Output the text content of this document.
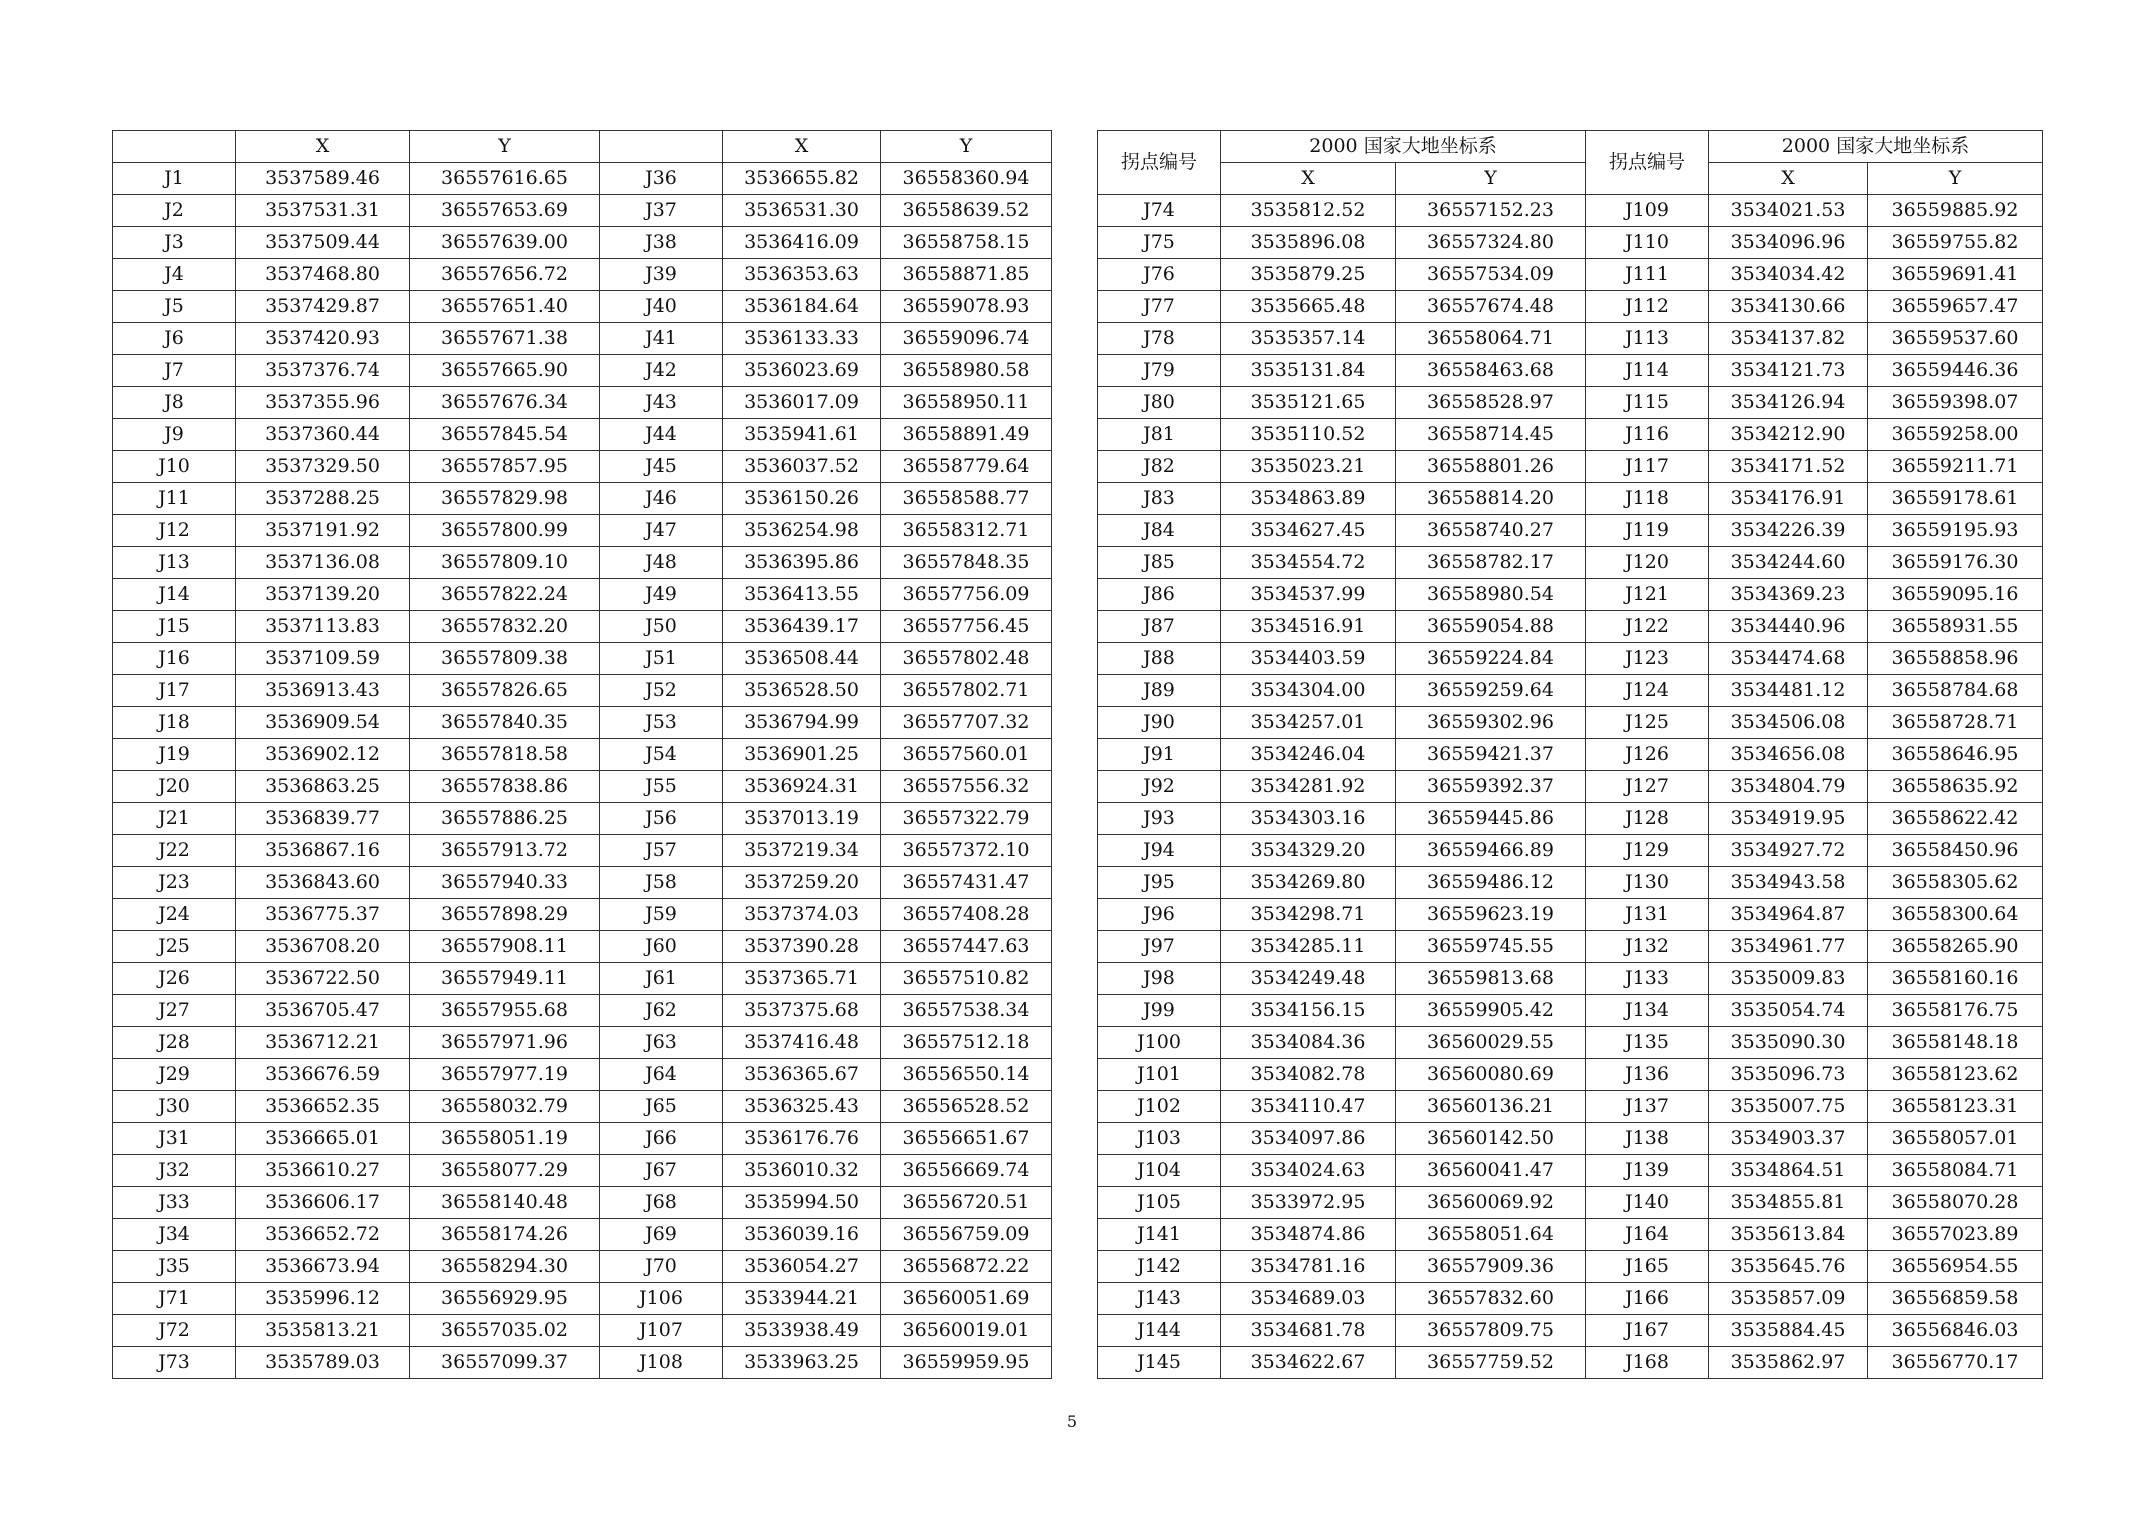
	X	Y		X	Y
J1	3537589.46	36557616.65	J36	3536655.82	36558360.94
J2	3537531.31	36557653.69	J37	3536531.30	36558639.52
J3	3537509.44	36557639.00	J38	3536416.09	36558758.15
J4	3537468.80	36557656.72	J39	3536353.63	36558871.85
J5	3537429.87	36557651.40	J40	3536184.64	36559078.93
J6	3537420.93	36557671.38	J41	3536133.33	36559096.74
J7	3537376.74	36557665.90	J42	3536023.69	36558980.58
J8	3537355.96	36557676.34	J43	3536017.09	36558950.11
J9	3537360.44	36557845.54	J44	3535941.61	36558891.49
J10	3537329.50	36557857.95	J45	3536037.52	36558779.64
J11	3537288.25	36557829.98	J46	3536150.26	36558588.77
J12	3537191.92	36557800.99	J47	3536254.98	36558312.71
J13	3537136.08	36557809.10	J48	3536395.86	36557848.35
J14	3537139.20	36557822.24	J49	3536413.55	36557756.09
J15	3537113.83	36557832.20	J50	3536439.17	36557756.45
J16	3537109.59	36557809.38	J51	3536508.44	36557802.48
J17	3536913.43	36557826.65	J52	3536528.50	36557802.71
J18	3536909.54	36557840.35	J53	3536794.99	36557707.32
J19	3536902.12	36557818.58	J54	3536901.25	36557560.01
J20	3536863.25	36557838.86	J55	3536924.31	36557556.32
J21	3536839.77	36557886.25	J56	3537013.19	36557322.79
J22	3536867.16	36557913.72	J57	3537219.34	36557372.10
J23	3536843.60	36557940.33	J58	3537259.20	36557431.47
J24	3536775.37	36557898.29	J59	3537374.03	36557408.28
J25	3536708.20	36557908.11	J60	3537390.28	36557447.63
J26	3536722.50	36557949.11	J61	3537365.71	36557510.82
J27	3536705.47	36557955.68	J62	3537375.68	36557538.34
J28	3536712.21	36557971.96	J63	3537416.48	36557512.18
J29	3536676.59	36557977.19	J64	3536365.67	36556550.14
J30	3536652.35	36558032.79	J65	3536325.43	36556528.52
J31	3536665.01	36558051.19	J66	3536176.76	36556651.67
J32	3536610.27	36558077.29	J67	3536010.32	36556669.74
J33	3536606.17	36558140.48	J68	3535994.50	36556720.51
J34	3536652.72	36558174.26	J69	3536039.16	36556759.09
J35	3536673.94	36558294.30	J70	3536054.27	36556872.22
J71	3535996.12	36556929.95	J106	3533944.21	36560051.69
J72	3535813.21	36557035.02	J107	3533938.49	36560019.01
J73	3535789.03	36557099.37	J108	3533963.25	36559959.95
拐点编号	2000 国家大地坐标系		拐点编号	2000 国家大地坐标系	
	X	Y		X	Y
J74	3535812.52	36557152.23	J109	3534021.53	36559885.92
J75	3535896.08	36557324.80	J110	3534096.96	36559755.82
J76	3535879.25	36557534.09	J111	3534034.42	36559691.41
J77	3535665.48	36557674.48	J112	3534130.66	36559657.47
J78	3535357.14	36558064.71	J113	3534137.82	36559537.60
J79	3535131.84	36558463.68	J114	3534121.73	36559446.36
J80	3535121.65	36558528.97	J115	3534126.94	36559398.07
J81	3535110.52	36558714.45	J116	3534212.90	36559258.00
J82	3535023.21	36558801.26	J117	3534171.52	36559211.71
J83	3534863.89	36558814.20	J118	3534176.91	36559178.61
J84	3534627.45	36558740.27	J119	3534226.39	36559195.93
J85	3534554.72	36558782.17	J120	3534244.60	36559176.30
J86	3534537.99	36558980.54	J121	3534369.23	36559095.16
J87	3534516.91	36559054.88	J122	3534440.96	36558931.55
J88	3534403.59	36559224.84	J123	3534474.68	36558858.96
J89	3534304.00	36559259.64	J124	3534481.12	36558784.68
J90	3534257.01	36559302.96	J125	3534506.08	36558728.71
J91	3534246.04	36559421.37	J126	3534656.08	36558646.95
J92	3534281.92	36559392.37	J127	3534804.79	36558635.92
J93	3534303.16	36559445.86	J128	3534919.95	36558622.42
J94	3534329.20	36559466.89	J129	3534927.72	36558450.96
J95	3534269.80	36559486.12	J130	3534943.58	36558305.62
J96	3534298.71	36559623.19	J131	3534964.87	36558300.64
J97	3534285.11	36559745.55	J132	3534961.77	36558265.90
J98	3534249.48	36559813.68	J133	3535009.83	36558160.16
J99	3534156.15	36559905.42	J134	3535054.74	36558176.75
J100	3534084.36	36560029.55	J135	3535090.30	36558148.18
J101	3534082.78	36560080.69	J136	3535096.73	36558123.62
J102	3534110.47	36560136.21	J137	3535007.75	36558123.31
J103	3534097.86	36560142.50	J138	3534903.37	36558057.01
J104	3534024.63	36560041.47	J139	3534864.51	36558084.71
J105	3533972.95	36560069.92	J140	3534855.81	36558070.28
J141	3534874.86	36558051.64	J164	3535613.84	36557023.89
J142	3534781.16	36557909.36	J165	3535645.76	36556954.55
J143	3534689.03	36557832.60	J166	3535857.09	36556859.58
J144	3534681.78	36557809.75	J167	3535884.45	36556846.03
J145	3534622.67	36557759.52	J168	3535862.97	36556770.17
5
